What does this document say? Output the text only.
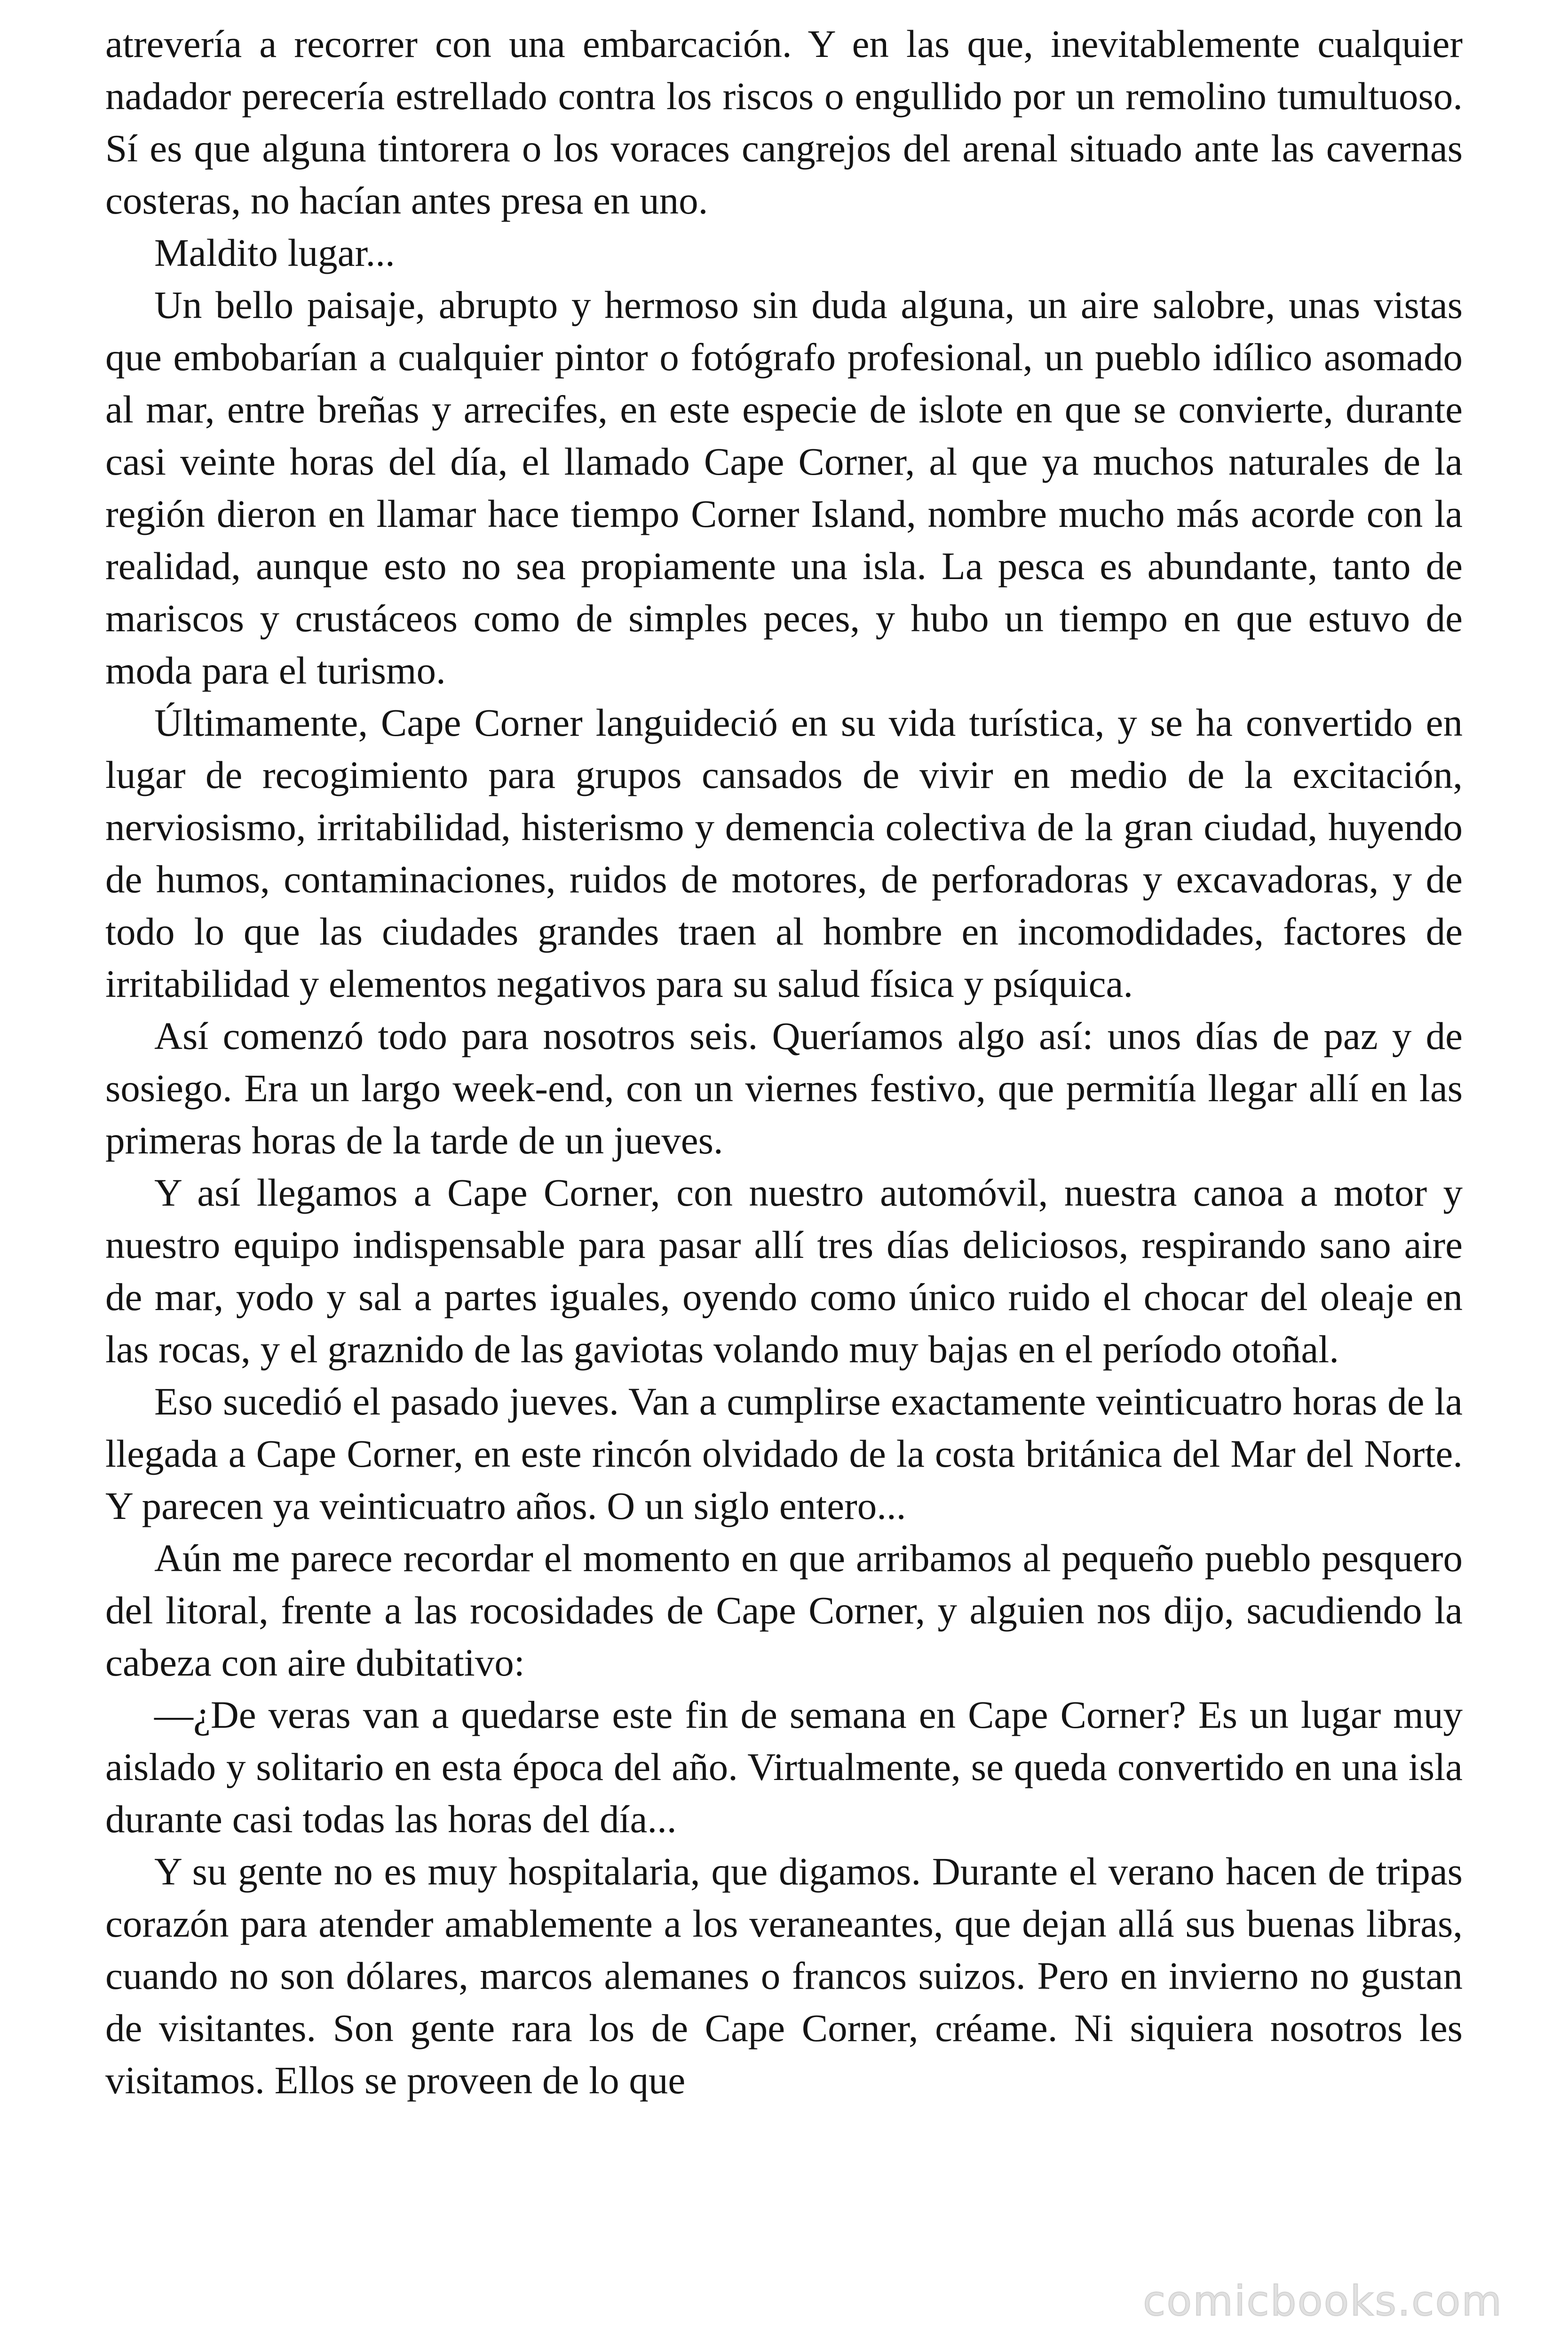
atrevería a recorrer con una embarcación. Y en las que, inevitablemente cualquier nadador perecería estrellado contra los riscos o engullido por un remolino tumultuoso. Sí es que alguna tintorera o los voraces cangrejos del arenal situado ante las cavernas costeras, no hacían antes presa en uno.

Maldito lugar...

Un bello paisaje, abrupto y hermoso sin duda alguna, un aire salobre, unas vistas que embobarían a cualquier pintor o fotógrafo profesional, un pueblo idílico asomado al mar, entre breñas y arrecifes, en este especie de islote en que se convierte, durante casi veinte horas del día, el llamado Cape Corner, al que ya muchos naturales de la región dieron en llamar hace tiempo Corner Island, nombre mucho más acorde con la realidad, aunque esto no sea propiamente una isla. La pesca es abundante, tanto de mariscos y crustáceos como de simples peces, y hubo un tiempo en que estuvo de moda para el turismo.

Últimamente, Cape Corner languideció en su vida turística, y se ha convertido en lugar de recogimiento para grupos cansados de vivir en medio de la excitación, nerviosismo, irritabilidad, histerismo y demencia colectiva de la gran ciudad, huyendo de humos, contaminaciones, ruidos de motores, de perforadoras y excavadoras, y de todo lo que las ciudades grandes traen al hombre en incomodidades, factores de irritabilidad y elementos negativos para su salud física y psíquica.

Así comenzó todo para nosotros seis. Queríamos algo así: unos días de paz y de sosiego. Era un largo week-end, con un viernes festivo, que permitía llegar allí en las primeras horas de la tarde de un jueves.

Y así llegamos a Cape Corner, con nuestro automóvil, nuestra canoa a motor y nuestro equipo indispensable para pasar allí tres días deliciosos, respirando sano aire de mar, yodo y sal a partes iguales, oyendo como único ruido el chocar del oleaje en las rocas, y el graznido de las gaviotas volando muy bajas en el período otoñal.

Eso sucedió el pasado jueves. Van a cumplirse exactamente veinticuatro horas de la llegada a Cape Corner, en este rincón olvidado de la costa británica del Mar del Norte. Y parecen ya veinticuatro años. O un siglo entero...

Aún me parece recordar el momento en que arribamos al pequeño pueblo pesquero del litoral, frente a las rocosidades de Cape Corner, y alguien nos dijo, sacudiendo la cabeza con aire dubitativo:

—¿De veras van a quedarse este fin de semana en Cape Corner? Es un lugar muy aislado y solitario en esta época del año. Virtualmente, se queda convertido en una isla durante casi todas las horas del día...

Y su gente no es muy hospitalaria, que digamos. Durante el verano hacen de tripas corazón para atender amablemente a los veraneantes, que dejan allá sus buenas libras, cuando no son dólares, marcos alemanes o francos suizos. Pero en invierno no gustan de visitantes. Son gente rara los de Cape Corner, créame. Ni siquiera nosotros les visitamos. Ellos se proveen de lo que

comicbooks.com
